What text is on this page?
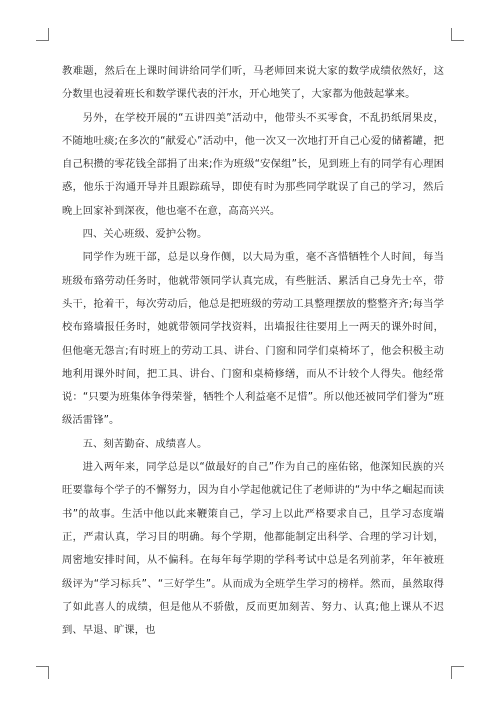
教难题，然后在上课时间讲给同学们听，马老师回来说大家的数学成绩依然好，这分数里也浸着班长和数学课代表的汗水，开心地笑了，大家都为他鼓起掌来。

另外，在学校开展的“五讲四美”活动中，他带头不买零食，不乱扔纸屑果皮，不随地吐痰;在多次的“献爱心”活动中，他一次又一次地打开自己心爱的储蓄罐，把自己积攒的零花钱全部捐了出来;作为班级“安保组”长，见到班上有的同学有心理困惑，他乐于沟通开导并且跟踪疏导，即使有时为那些同学耽误了自己的学习，然后晚上回家补到深夜，他也毫不在意，高高兴兴。

四、关心班级、爱护公物。

同学作为班干部，总是以身作侧，以大局为重，毫不吝惜牺牲个人时间，每当班级布臵劳动任务时，他就带领同学认真完成，有些脏活、累活自己身先士卒，带头干，抢着干，每次劳动后，他总是把班级的劳动工具整理摆放的整整齐齐;每当学校布臵墙报任务时，她就带领同学找资料，出墙报往往要用上一两天的课外时间，但他毫无怨言;有时班上的劳动工具、讲台、门窗和同学们桌椅坏了，他会积极主动地利用课外时间，把工具、讲台、门窗和桌椅修缮，而从不计较个人得失。他经常说：“只要为班集体争得荣誉，牺牲个人利益毫不足惜”。所以他还被同学们誉为“班级活雷锋”。

五、刻苦勤奋、成绩喜人。

进入两年来，同学总是以“做最好的自己”作为自己的座佑铭，他深知民族的兴旺要靠每个学子的不懈努力，因为自小学起他就记住了老师讲的“为中华之崛起而读书”的故事。生活中他以此来鞭策自己，学习上以此严格要求自己，且学习态度端正，严肃认真，学习目的明确。每个学期，他都能制定出科学、合理的学习计划，周密地安排时间，从不偏科。在每年每学期的学科考试中总是名列前茅，年年被班级评为“学习标兵”、“三好学生”。从而成为全班学生学习的榜样。然而，虽然取得了如此喜人的成绩，但是他从不骄傲，反而更加刻苦、努力、认真;他上课从不迟到、早退、旷课，也
